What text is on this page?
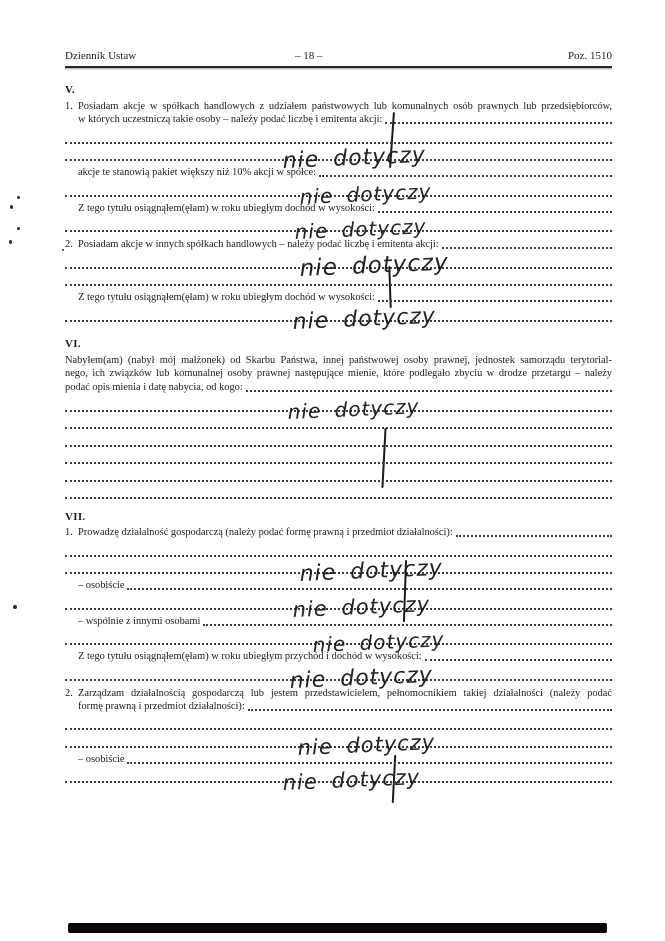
Dziennik Ustaw	– 18 –	Poz. 1510
V.
1. Posiadam akcje w spółkach handlowych z udziałem państwowych lub komunalnych osób prawnych lub przedsiębiorców,
w których uczestniczą takie osoby – należy podać liczbę i emitenta akcji:
nie dotyczy
akcje te stanowią pakiet większy niż 10% akcji w spółce:
nie dotyczy
Z tego tytułu osiągnąłem(ęłam) w roku ubiegłym dochód w wysokości:
nie dotyczy
2. Posiadam akcje w innych spółkach handlowych – należy podać liczbę i emitenta akcji:
nie dotyczy
Z tego tytułu osiągnąłem(ęłam) w roku ubiegłym dochód w wysokości:
nie dotyczy
VI.
Nabyłem(am) (nabył mój małżonek) od Skarbu Państwa, innej państwowej osoby prawnej, jednostek samorządu terytorial-
nego, ich związków lub komunalnej osoby prawnej następujące mienie, które podlegało zbyciu w drodze przetargu – należy
podać opis mienia i datę nabycia, od kogo:
nie dotyczy
VII.
1. Prowadzę działalność gospodarczą (należy podać formę prawną i przedmiot działalności):
nie dotyczy
– osobiście
nie dotyczy
– wspólnie z innymi osobami
nie dotyczy
Z tego tytułu osiągnąłem(ęłam) w roku ubiegłym przychód i dochód w wysokości:
nie dotyczy
2. Zarządzam działalnością gospodarczą lub jestem przedstawicielem, pełnomocnikiem takiej działalności (należy podać
formę prawną i przedmiot działalności):
nie dotyczy
– osobiście
nie dotyczy
